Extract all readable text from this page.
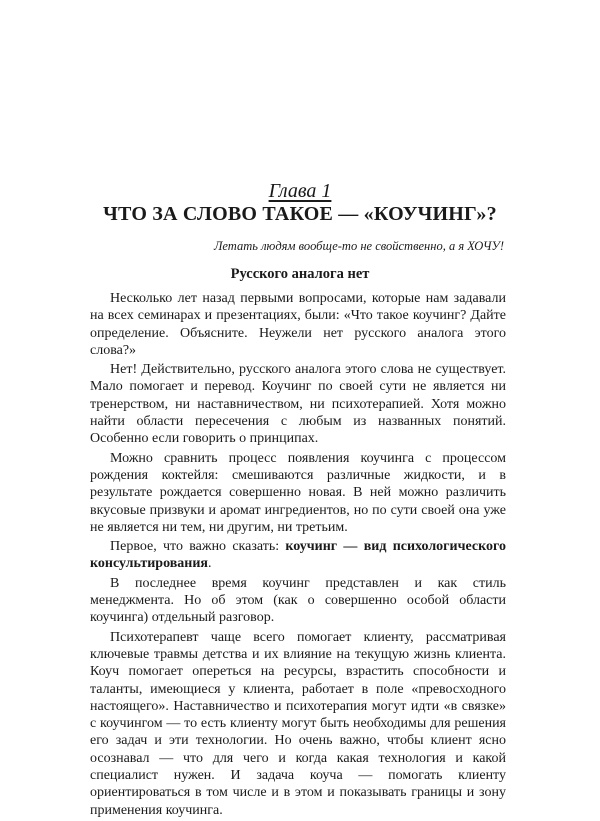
Глава 1
ЧТО ЗА СЛОВО ТАКОЕ — «КОУЧИНГ»?
Летать людям вообще-то не свойственно, а я ХОЧУ!
Русского аналога нет

Несколько лет назад первыми вопросами, которые нам задавали на всех семинарах и презентациях, были: «Что такое коучинг? Дайте определение. Объясните. Неужели нет русского аналога этого слова?»

Нет! Действительно, русского аналога этого слова не существует. Мало помогает и перевод. Коучинг по своей сути не является ни тренерством, ни наставничеством, ни психотерапией. Хотя можно найти области пересечения с любым из названных понятий. Особенно если говорить о принципах.

Можно сравнить процесс появления коучинга с процессом рождения коктейля: смешиваются различные жидкости, и в результате рождается совершенно новая. В ней можно различить вкусовые призвуки и аромат ингредиентов, но по сути своей она уже не является ни тем, ни другим, ни третьим.

Первое, что важно сказать: коучинг — вид психологического консультирования.

В последнее время коучинг представлен и как стиль менеджмента. Но об этом (как о совершенно особой области коучинга) отдельный разговор.

Психотерапевт чаще всего помогает клиенту, рассматривая ключевые травмы детства и их влияние на текущую жизнь клиента. Коуч помогает опереться на ресурсы, взрастить способности и таланты, имеющиеся у клиента, работает в поле «превосходного настоящего». Наставничество и психотерапия могут идти «в связке» с коучингом — то есть клиенту могут быть необходимы для решения его задач и эти технологии. Но очень важно, чтобы клиент ясно осознавал — что для чего и когда какая технология и какой специалист нужен. И задача коуча — помогать клиенту ориентироваться в том числе и в этом и показывать границы и зону применения коучинга.
